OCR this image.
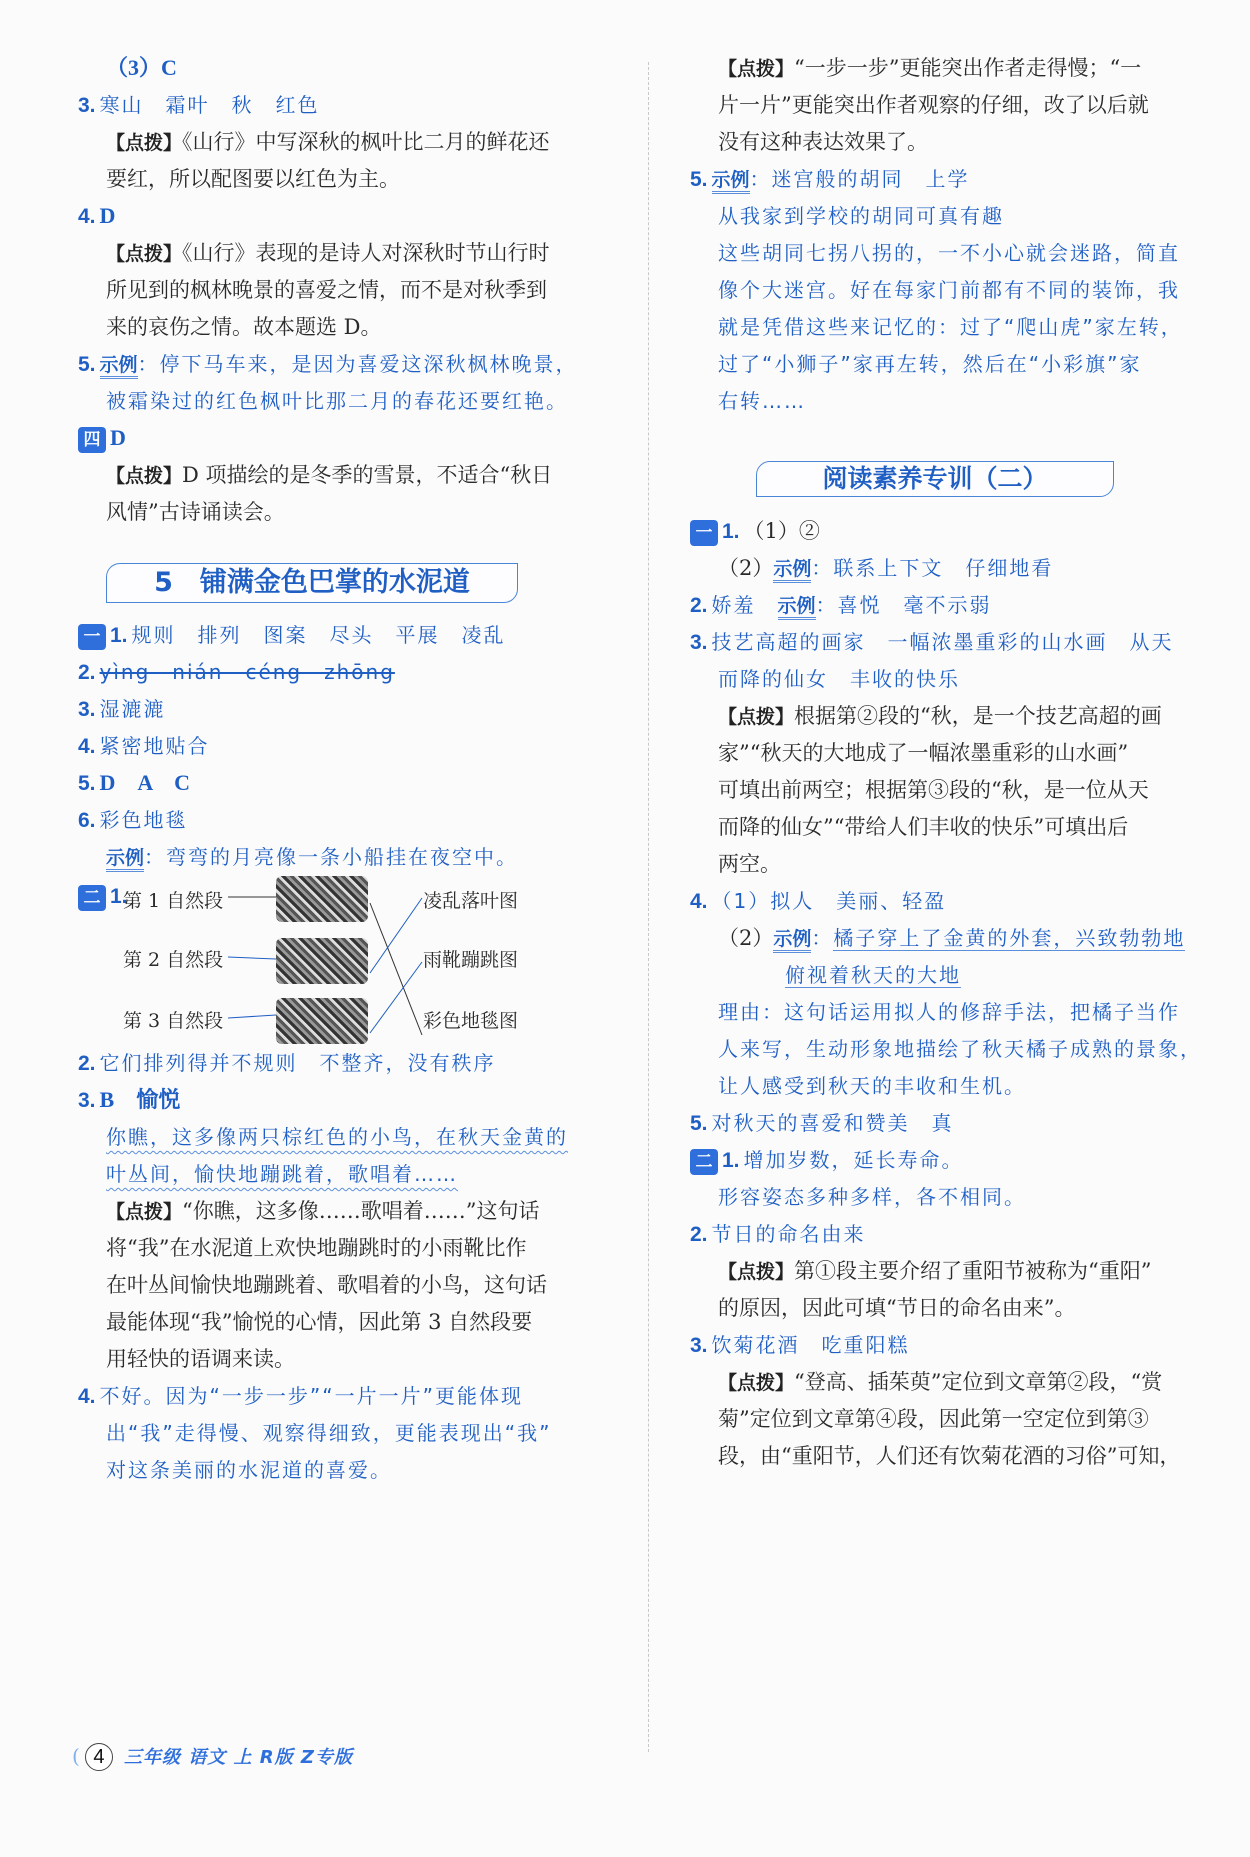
（3）C
3. 寒山　霜叶　秋　红色
【点拨】《山行》中写深秋的枫叶比二月的鲜花还
要红，所以配图要以红色为主。
4. D
【点拨】《山行》表现的是诗人对深秋时节山行时
所见到的枫林晚景的喜爱之情，而不是对秋季到
来的哀伤之情。故本题选 D。
5. 示例：停下马车来，是因为喜爱这深秋枫林晚景，
被霜染过的红色枫叶比那二月的春花还要红艳。
四 D
【点拨】D 项描绘的是冬季的雪景，不适合“秋日
风情”古诗诵读会。
5　铺满金色巴掌的水泥道
一 1. 规则　排列　图案　尽头　平展　凌乱
2. yìng　nián　céng　zhōng
3. 湿漉漉
4. 紧密地贴合
5. D　A　C
6. 彩色地毯
示例：弯弯的月亮像一条小船挂在夜空中。
二 1.
第 1 自然段
第 2 自然段
第 3 自然段
凌乱落叶图
雨靴蹦跳图
彩色地毯图
2. 它们排列得并不规则　不整齐，没有秩序
3. B　愉悦
你瞧，这多像两只棕红色的小鸟，在秋天金黄的
叶丛间，愉快地蹦跳着，歌唱着……
【点拨】“你瞧，这多像……歌唱着……”这句话
将“我”在水泥道上欢快地蹦跳时的小雨靴比作
在叶丛间愉快地蹦跳着、歌唱着的小鸟，这句话
最能体现“我”愉悦的心情，因此第 3 自然段要
用轻快的语调来读。
4. 不好。因为“一步一步”“一片一片”更能体现
出“我”走得慢、观察得细致，更能表现出“我”
对这条美丽的水泥道的喜爱。
【点拨】“一步一步”更能突出作者走得慢；“一
片一片”更能突出作者观察的仔细，改了以后就
没有这种表达效果了。
5. 示例：迷宫般的胡同　上学
从我家到学校的胡同可真有趣
这些胡同七拐八拐的，一不小心就会迷路，简直
像个大迷宫。好在每家门前都有不同的装饰，我
就是凭借这些来记忆的：过了“爬山虎”家左转，
过了“小狮子”家再左转，然后在“小彩旗”家
右转……
阅读素养专训（二）
一 1. （1）②
（2）示例：联系上下文　仔细地看
2. 娇羞　示例：喜悦　毫不示弱
3. 技艺高超的画家　一幅浓墨重彩的山水画　从天
而降的仙女　丰收的快乐
【点拨】根据第②段的“秋，是一个技艺高超的画
家”“秋天的大地成了一幅浓墨重彩的山水画”
可填出前两空；根据第③段的“秋，是一位从天
而降的仙女”“带给人们丰收的快乐”可填出后
两空。
4. （1）拟人　美丽、轻盈
（2）示例：橘子穿上了金黄的外套，兴致勃勃地
俯视着秋天的大地
理由：这句话运用拟人的修辞手法，把橘子当作
人来写，生动形象地描绘了秋天橘子成熟的景象，
让人感受到秋天的丰收和生机。
5. 对秋天的喜爱和赞美　真
二 1. 增加岁数，延长寿命。
形容姿态多种多样，各不相同。
2. 节日的命名由来
【点拨】第①段主要介绍了重阳节被称为“重阳”
的原因，因此可填“节日的命名由来”。
3. 饮菊花酒　吃重阳糕
【点拨】“登高、插茱萸”定位到文章第②段，“赏
菊”定位到文章第④段，因此第一空定位到第③
段，由“重阳节，人们还有饮菊花酒的习俗”可知，
( 4 三年级 语文 上 R版 Z专版
